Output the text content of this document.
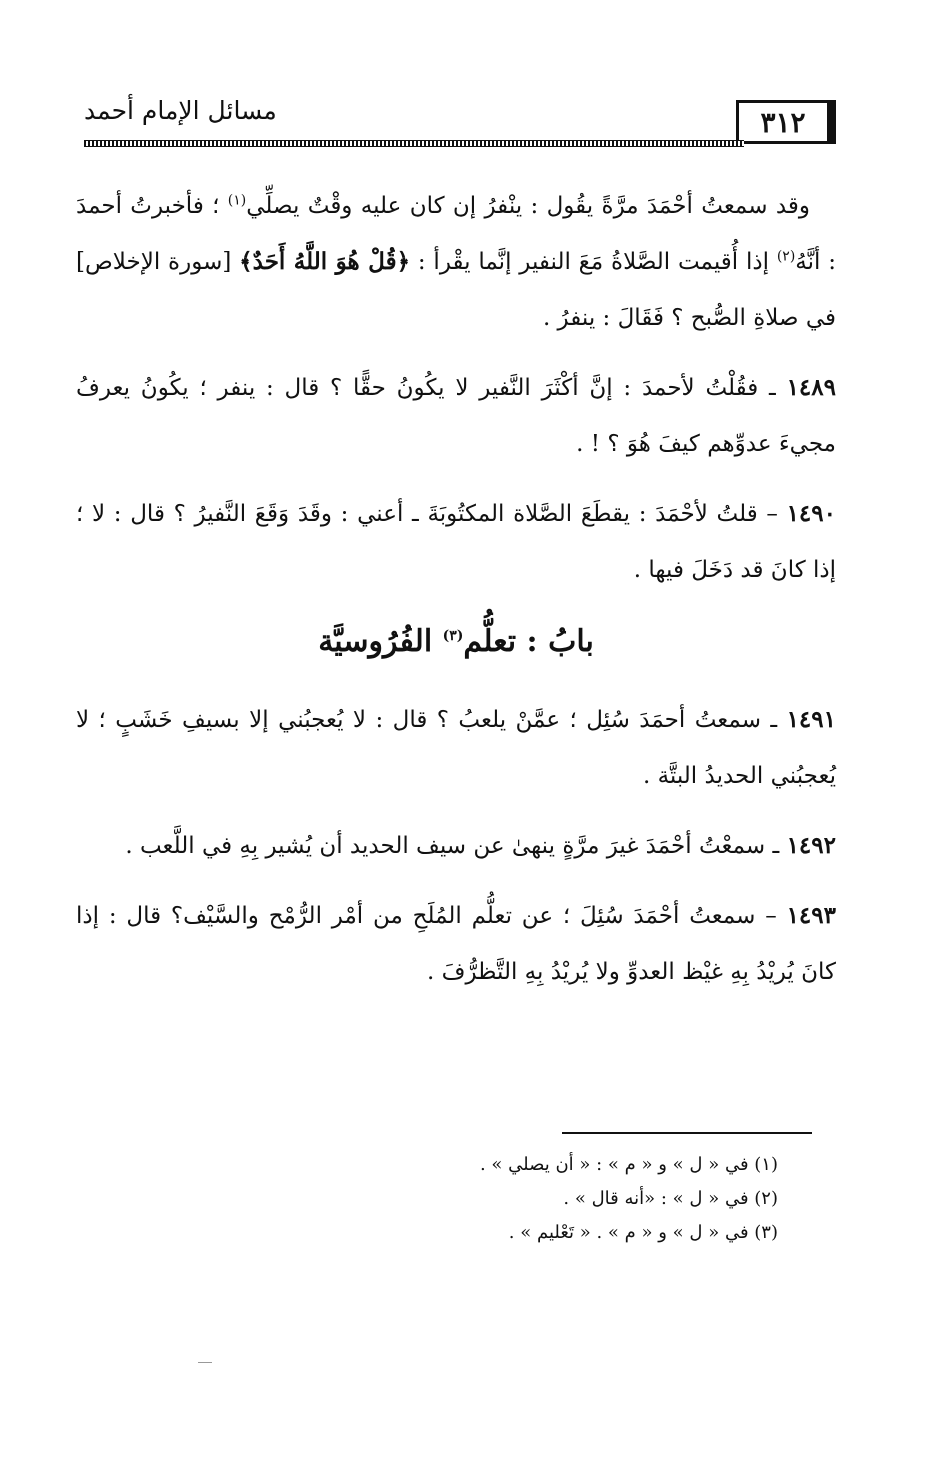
٣١٢
مسائل الإمام أحمد

وقد سمعتُ أحْمَدَ مرَّةً يقُول : ينْفرُ إن كان عليه وقْتٌ يصلِّي$^{(١)}$ ؛ فأخبرتُ أحمدَ : أنَّهُ$^{(٢)}$ إذا أُقيمت الصَّلاةُ مَعَ النفير إنَّما يقْرأ : ﴿قُلْ هُوَ اللَّهُ أَحَدٌ﴾ [سورة الإخلاص] في صلاةِ الصُّبح ؟ فَقَالَ : ينفرُ .

١٤٨٩ ـ فقُلْتُ لأحمدَ : إنَّ أكْثَرَ النَّفير لا يكُونُ حقًّا ؟ قال : ينفر ؛ يكُونُ يعرفُ مجيءَ عدوِّهم كيفَ هُوَ ؟ ! .

١٤٩٠ – قلتُ لأحْمَدَ : يقطَعَ الصَّلاة المكتُوبَةَ ـ أعني : وقَدَ وَقَعَ النَّفيرُ ؟ قال : لا ؛ إذا كانَ قد دَخَلَ فيها .

بابُ : تعلُّم$^{(٣)}$ الفُرُوسيَّة

١٤٩١ ـ سمعتُ أحمَدَ سُئِل ؛ عمَّنْ يلعبُ ؟ قال : لا يُعجبُني إلا بسيفِ خَشَبٍ ؛ لا يُعجبُني الحديدُ البتَّة .

١٤٩٢ ـ سمعْتُ أحْمَدَ غيرَ مرَّةٍ ينهىٰ عن سيف الحديد أن يُشير بِهِ في اللَّعب .

١٤٩٣ – سمعتُ أحْمَدَ سُئِلَ ؛ عن تعلُّم المُلَحِ من أمْر الرُّمْح والسَّيْف؟ قال : إذا كانَ يُريْدُ بِهِ غيْظ العدوِّ ولا يُريْدُ بِهِ التَّظرُّفَ .

(١) في « ل » و « م » : « أن يصلي » .
(٢) في « ل » : «أنه قال » .
(٣) في « ل » و « م » . « تَعْليم » .
